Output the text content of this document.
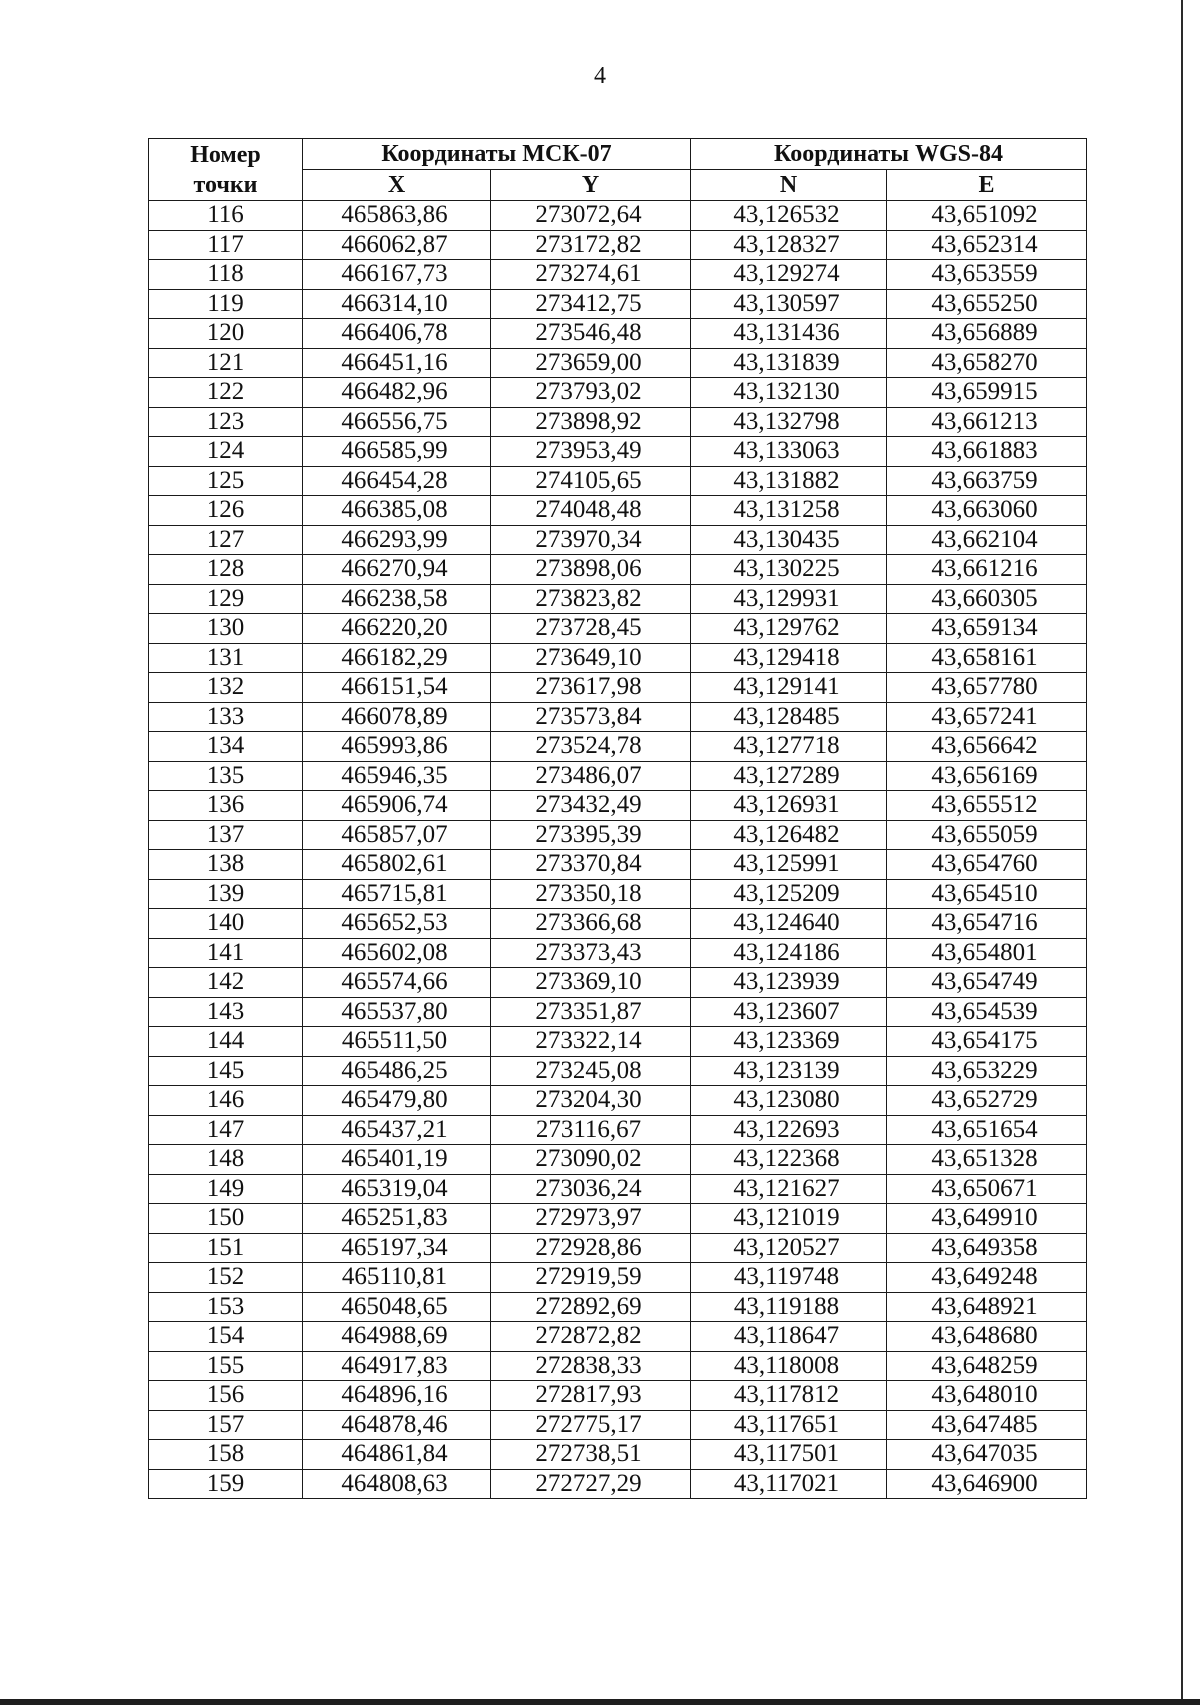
4
Номер
точки	Координаты МСК-07		Координаты WGS-84	
	X	Y	N	E
116	465863,86	273072,64	43,126532	43,651092
117	466062,87	273172,82	43,128327	43,652314
118	466167,73	273274,61	43,129274	43,653559
119	466314,10	273412,75	43,130597	43,655250
120	466406,78	273546,48	43,131436	43,656889
121	466451,16	273659,00	43,131839	43,658270
122	466482,96	273793,02	43,132130	43,659915
123	466556,75	273898,92	43,132798	43,661213
124	466585,99	273953,49	43,133063	43,661883
125	466454,28	274105,65	43,131882	43,663759
126	466385,08	274048,48	43,131258	43,663060
127	466293,99	273970,34	43,130435	43,662104
128	466270,94	273898,06	43,130225	43,661216
129	466238,58	273823,82	43,129931	43,660305
130	466220,20	273728,45	43,129762	43,659134
131	466182,29	273649,10	43,129418	43,658161
132	466151,54	273617,98	43,129141	43,657780
133	466078,89	273573,84	43,128485	43,657241
134	465993,86	273524,78	43,127718	43,656642
135	465946,35	273486,07	43,127289	43,656169
136	465906,74	273432,49	43,126931	43,655512
137	465857,07	273395,39	43,126482	43,655059
138	465802,61	273370,84	43,125991	43,654760
139	465715,81	273350,18	43,125209	43,654510
140	465652,53	273366,68	43,124640	43,654716
141	465602,08	273373,43	43,124186	43,654801
142	465574,66	273369,10	43,123939	43,654749
143	465537,80	273351,87	43,123607	43,654539
144	465511,50	273322,14	43,123369	43,654175
145	465486,25	273245,08	43,123139	43,653229
146	465479,80	273204,30	43,123080	43,652729
147	465437,21	273116,67	43,122693	43,651654
148	465401,19	273090,02	43,122368	43,651328
149	465319,04	273036,24	43,121627	43,650671
150	465251,83	272973,97	43,121019	43,649910
151	465197,34	272928,86	43,120527	43,649358
152	465110,81	272919,59	43,119748	43,649248
153	465048,65	272892,69	43,119188	43,648921
154	464988,69	272872,82	43,118647	43,648680
155	464917,83	272838,33	43,118008	43,648259
156	464896,16	272817,93	43,117812	43,648010
157	464878,46	272775,17	43,117651	43,647485
158	464861,84	272738,51	43,117501	43,647035
159	464808,63	272727,29	43,117021	43,646900
